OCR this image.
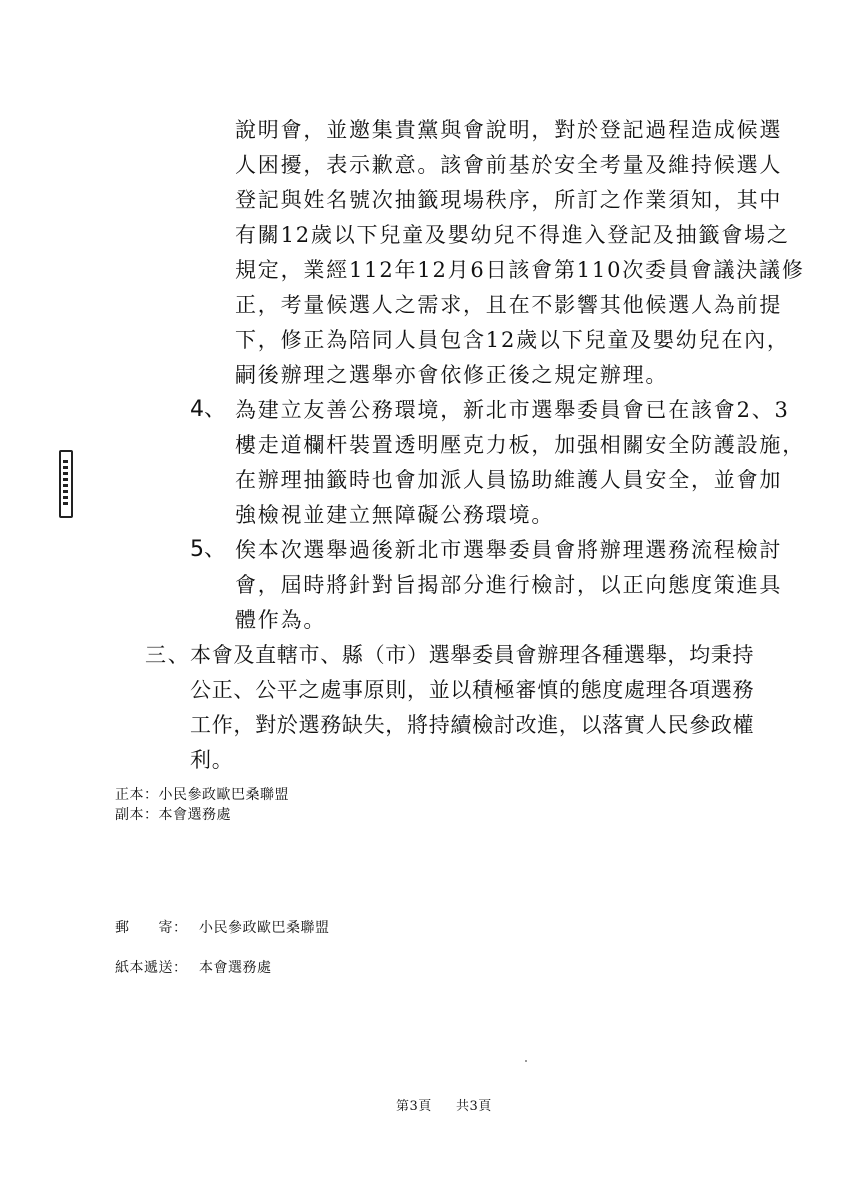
說明會，並邀集貴黨與會說明，對於登記過程造成候選
人困擾，表示歉意。該會前基於安全考量及維持候選人
登記與姓名號次抽籤現場秩序，所訂之作業須知，其中
有關12歲以下兒童及嬰幼兒不得進入登記及抽籤會場之
規定，業經112年12月6日該會第110次委員會議決議修
正，考量候選人之需求，且在不影響其他候選人為前提
下，修正為陪同人員包含12歲以下兒童及嬰幼兒在內，
嗣後辦理之選舉亦會依修正後之規定辦理。
4、 為建立友善公務環境，新北市選舉委員會已在該會2、3
樓走道欄杆裝置透明壓克力板，加强相關安全防護設施，
在辦理抽籤時也會加派人員協助維護人員安全，並會加
強檢視並建立無障礙公務環境。
5、 俟本次選舉過後新北市選舉委員會將辦理選務流程檢討
會，屆時將針對旨揭部分進行檢討，以正向態度策進具
體作為。
三、 本會及直轄市、縣（市）選舉委員會辦理各種選舉，均秉持
公正、公平之處事原則，並以積極審慎的態度處理各項選務
工作，對於選務缺失，將持續檢討改進，以落實人民參政權
利。
正本：小民參政歐巴桑聯盟
副本：本會選務處
郵　　寄： 小民參政歐巴桑聯盟
紙本遞送： 本會選務處
第3頁 共3頁
